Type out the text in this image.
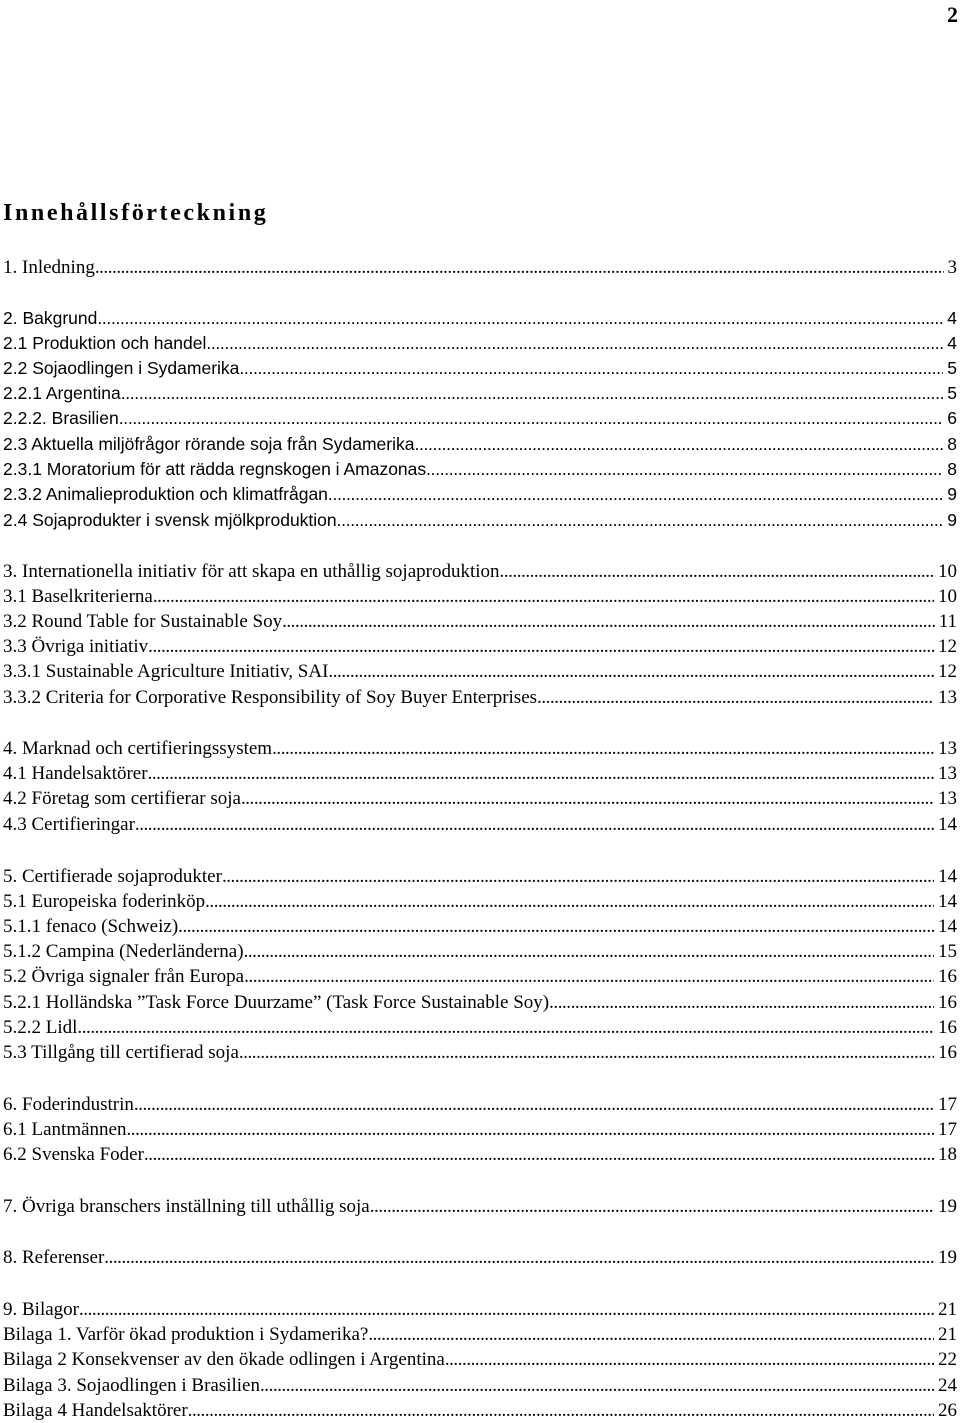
2
Innehållsförteckning
1. Inledning . . .	3
2. Bakgrund . . .	4
2.1 Produktion och handel . . .	4
2.2 Sojaodlingen i Sydamerika . . .	5
2.2.1 Argentina . . .	5
2.2.2. Brasilien . . .	6
2.3 Aktuella miljöfrågor rörande soja från Sydamerika . . .	8
2.3.1 Moratorium för att rädda regnskogen i Amazonas . . .	8
2.3.2 Animalieproduktion och klimatfrågan . . .	9
2.4 Sojaprodukter i svensk mjölkproduktion . . .	9
3. Internationella initiativ för att skapa en uthållig sojaproduktion . . .	10
3.1 Baselkriterierna . . .	10
3.2 Round Table for Sustainable Soy . . .	11
3.3 Övriga initiativ . . .	12
3.3.1 Sustainable Agriculture Initiativ, SAI . . .	12
3.3.2 Criteria for Corporative Responsibility of Soy Buyer Enterprises . . .	13
4. Marknad och certifieringssystem . . .	13
4.1 Handelsaktörer . . .	13
4.2 Företag som certifierar soja . . .	13
4.3 Certifieringar . . .	14
5. Certifierade sojaprodukter . . .	14
5.1 Europeiska foderinköp . . .	14
5.1.1 fenaco (Schweiz) . . .	14
5.1.2 Campina (Nederländerna) . . .	15
5.2 Övriga signaler från Europa . . .	16
5.2.1 Holländska ”Task Force Duurzame” (Task Force Sustainable Soy) . . .	16
5.2.2 Lidl . . .	16
5.3 Tillgång till certifierad soja . . .	16
6. Foderindustrin . . .	17
6.1 Lantmännen . . .	17
6.2 Svenska Foder . . .	18
7. Övriga branschers inställning till uthållig soja . . .	19
8. Referenser . . .	19
9. Bilagor . . .	21
Bilaga 1. Varför ökad produktion i Sydamerika? . . .	21
Bilaga 2 Konsekvenser av den ökade odlingen i Argentina . . .	22
Bilaga 3. Sojaodlingen i Brasilien . . .	24
Bilaga 4 Handelsaktörer . . .	26
